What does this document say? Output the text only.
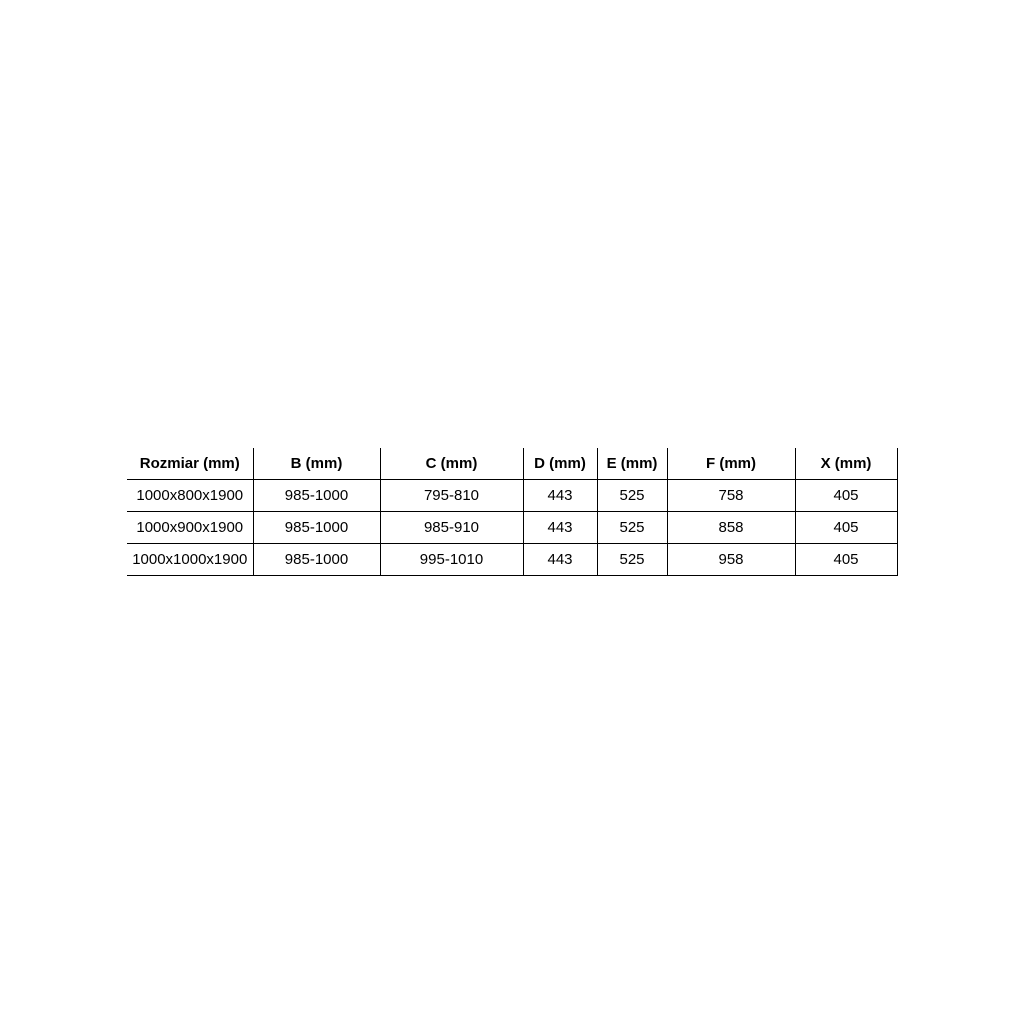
Rozmiar (mm)	B (mm)	C (mm)	D (mm)	E (mm)	F (mm)	X (mm)
1000x800x1900	985-1000	795-810	443	525	758	405
1000x900x1900	985-1000	985-910	443	525	858	405
1000x1000x1900	985-1000	995-1010	443	525	958	405
